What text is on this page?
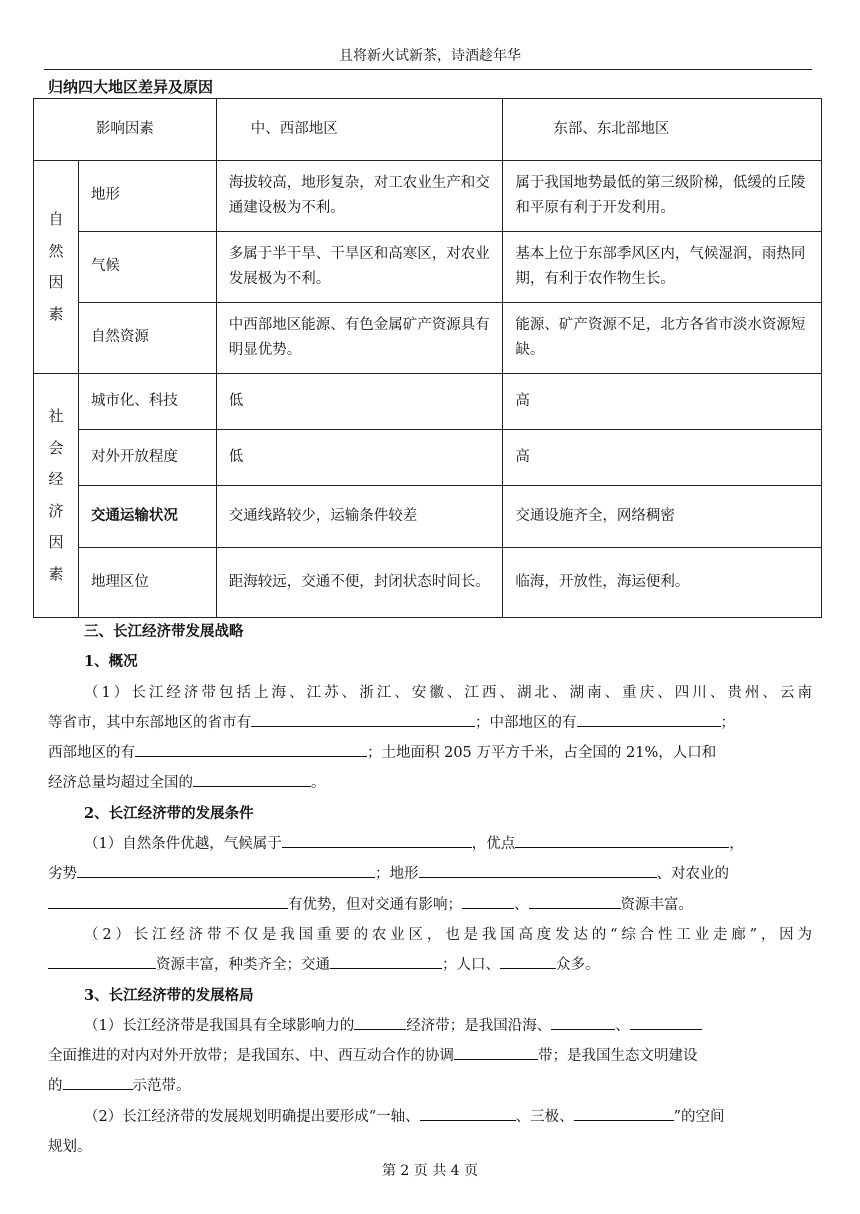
且将新火试新茶，诗酒趁年华
归纳四大地区差异及原因
影响因素		中、西部地区	东部、东北部地区
自然因素	地形	海拔较高，地形复杂，对工农业生产和交通建设极为不利。	属于我国地势最低的第三级阶梯，低缓的丘陵和平原有利于开发利用。
	气候	多属于半干旱、干旱区和高寒区，对农业发展极为不利。	基本上位于东部季风区内，气候湿润，雨热同期，有利于农作物生长。
	自然资源	中西部地区能源、有色金属矿产资源具有明显优势。	能源、矿产资源不足，北方各省市淡水资源短缺。
社会经济因素	城市化、科技	低	高
	对外开放程度	低	高
	交通运输状况	交通线路较少，运输条件较差	交通设施齐全，网络稠密
	地理区位	距海较远，交通不便，封闭状态时间长。	临海，开放性，海运便利。

三、长江经济带发展战略

1、概况

（1）长江经济带包括上海、江苏、浙江、安徽、江西、湖北、湖南、重庆、四川、贵州、云南

等省市，其中东部地区的省市有	；中部地区的有	；

西部地区的有	；土地面积 205 万平方千米，占全国的 21%，人口和

经济总量均超过全国的	。

2、长江经济带的发展条件

（1）自然条件优越，气候属于	，优点	，

劣势	；地形	、对农业的

有优势，但对交通有影响；	、	资源丰富。

（2）长江经济带不仅是我国重要的农业区，也是我国高度发达的“综合性工业走廊”，因为

资源丰富，种类齐全；交通	；人口、	众多。

3、长江经济带的发展格局

（1）长江经济带是我国具有全球影响力的	经济带；是我国沿海、	、

全面推进的对内对外开放带；是我国东、中、西互动合作的协调	带；是我国生态文明建设

的	示范带。

（2）长江经济带的发展规划明确提出要形成“一轴、	、三极、	”的空间

规划。

第 2 页 共 4 页
